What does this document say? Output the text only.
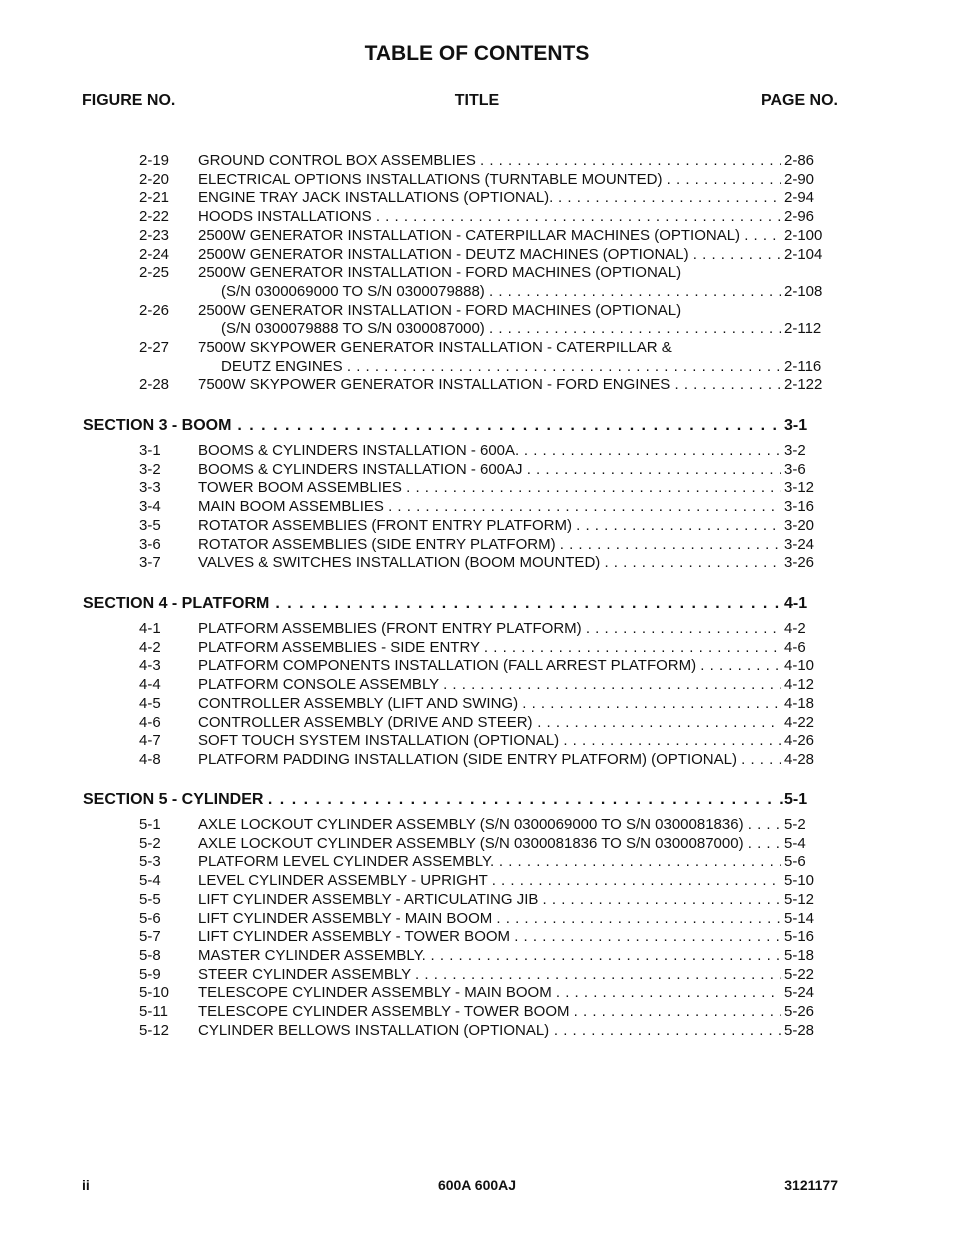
TABLE OF CONTENTS
FIGURE NO.	TITLE	PAGE NO.
2-19 GROUND CONTROL BOX ASSEMBLIES . . .	2-86
2-20 ELECTRICAL OPTIONS INSTALLATIONS (TURNTABLE MOUNTED) . . .	2-90
2-21 ENGINE TRAY JACK INSTALLATIONS (OPTIONAL). . . .	2-94
2-22 HOODS INSTALLATIONS . . .	2-96
2-23 2500W GENERATOR INSTALLATION - CATERPILLAR MACHINES (OPTIONAL) . . .	2-100
2-24 2500W GENERATOR INSTALLATION - DEUTZ MACHINES (OPTIONAL) . . .	2-104
2-25 2500W GENERATOR INSTALLATION - FORD MACHINES (OPTIONAL)
(S/N 0300069000 TO S/N 0300079888) . . .	2-108
2-26 2500W GENERATOR INSTALLATION - FORD MACHINES (OPTIONAL)
(S/N 0300079888 TO S/N 0300087000) . . .	2-112
2-27 7500W SKYPOWER GENERATOR INSTALLATION - CATERPILLAR &
DEUTZ ENGINES . . .	2-116
2-28 7500W SKYPOWER GENERATOR INSTALLATION - FORD ENGINES . . .	2-122
SECTION 3 - BOOM . . .	3-1
3-1 BOOMS & CYLINDERS INSTALLATION - 600A. . . .	3-2
3-2 BOOMS & CYLINDERS INSTALLATION - 600AJ . . .	3-6
3-3 TOWER BOOM ASSEMBLIES . . .	3-12
3-4 MAIN BOOM ASSEMBLIES . . .	3-16
3-5 ROTATOR ASSEMBLIES (FRONT ENTRY PLATFORM) . . .	3-20
3-6 ROTATOR ASSEMBLIES (SIDE ENTRY PLATFORM) . . .	3-24
3-7 VALVES & SWITCHES INSTALLATION (BOOM MOUNTED) . . .	3-26
SECTION 4 - PLATFORM . . .	4-1
4-1 PLATFORM ASSEMBLIES (FRONT ENTRY PLATFORM) . . .	4-2
4-2 PLATFORM ASSEMBLIES - SIDE ENTRY . . .	4-6
4-3 PLATFORM COMPONENTS INSTALLATION (FALL ARREST PLATFORM) . . .	4-10
4-4 PLATFORM CONSOLE ASSEMBLY . . .	4-12
4-5 CONTROLLER ASSEMBLY (LIFT AND SWING) . . .	4-18
4-6 CONTROLLER ASSEMBLY (DRIVE AND STEER) . . .	4-22
4-7 SOFT TOUCH SYSTEM INSTALLATION (OPTIONAL) . . .	4-26
4-8 PLATFORM PADDING INSTALLATION (SIDE ENTRY PLATFORM) (OPTIONAL) . . .	4-28
SECTION 5 - CYLINDER . . .	5-1
5-1 AXLE LOCKOUT CYLINDER ASSEMBLY (S/N 0300069000 TO S/N 0300081836) . . .	5-2
5-2 AXLE LOCKOUT CYLINDER ASSEMBLY (S/N 0300081836 TO S/N 0300087000) . . .	5-4
5-3 PLATFORM LEVEL CYLINDER ASSEMBLY. . . .	5-6
5-4 LEVEL CYLINDER ASSEMBLY - UPRIGHT . . .	5-10
5-5 LIFT CYLINDER ASSEMBLY - ARTICULATING JIB . . .	5-12
5-6 LIFT CYLINDER ASSEMBLY - MAIN BOOM . . .	5-14
5-7 LIFT CYLINDER ASSEMBLY - TOWER BOOM . . .	5-16
5-8 MASTER CYLINDER ASSEMBLY. . . .	5-18
5-9 STEER CYLINDER ASSEMBLY . . .	5-22
5-10 TELESCOPE CYLINDER ASSEMBLY - MAIN BOOM . . .	5-24
5-11 TELESCOPE CYLINDER ASSEMBLY - TOWER BOOM . . .	5-26
5-12 CYLINDER BELLOWS INSTALLATION (OPTIONAL) . . .	5-28
ii	600A 600AJ	3121177
